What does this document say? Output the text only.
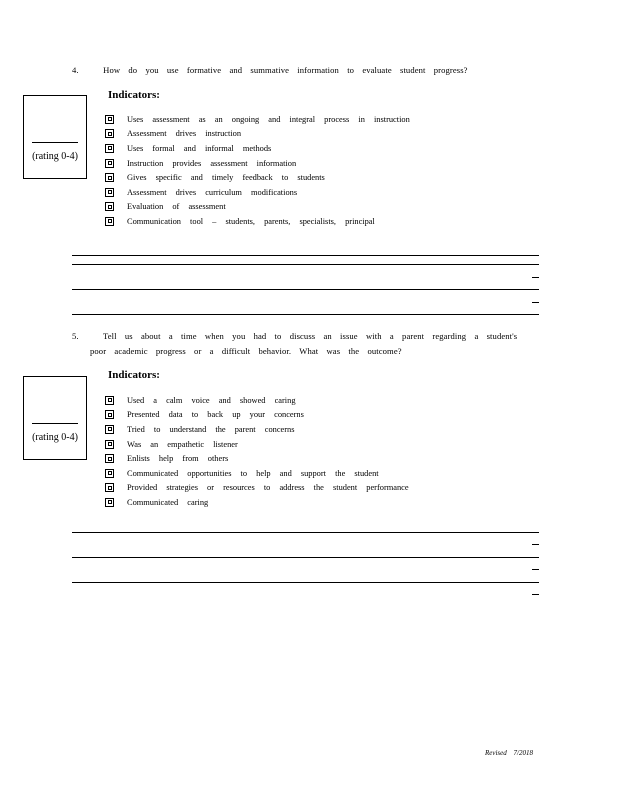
4.	How do you use formative and summative information to evaluate student progress?
(rating 0-4)
Indicators:
Uses assessment as an ongoing and integral process in instruction
Assessment drives instruction
Uses formal and informal methods
Instruction provides assessment information
Gives specific and timely feedback to students
Assessment drives curriculum modifications
Evaluation of assessment
Communication tool – students, parents, specialists, principal
5.	Tell us about a time when you had to discuss an issue with a parent regarding a student's
poor academic progress or a difficult behavior. What was the outcome?
(rating 0-4)
Indicators:
Used a calm voice and showed caring
Presented data to back up your concerns
Tried to understand the parent concerns
Was an empathetic listener
Enlists help from others
Communicated opportunities to help and support the student
Provided strategies or resources to address the student performance
Communicated caring
Revised 7/2018
